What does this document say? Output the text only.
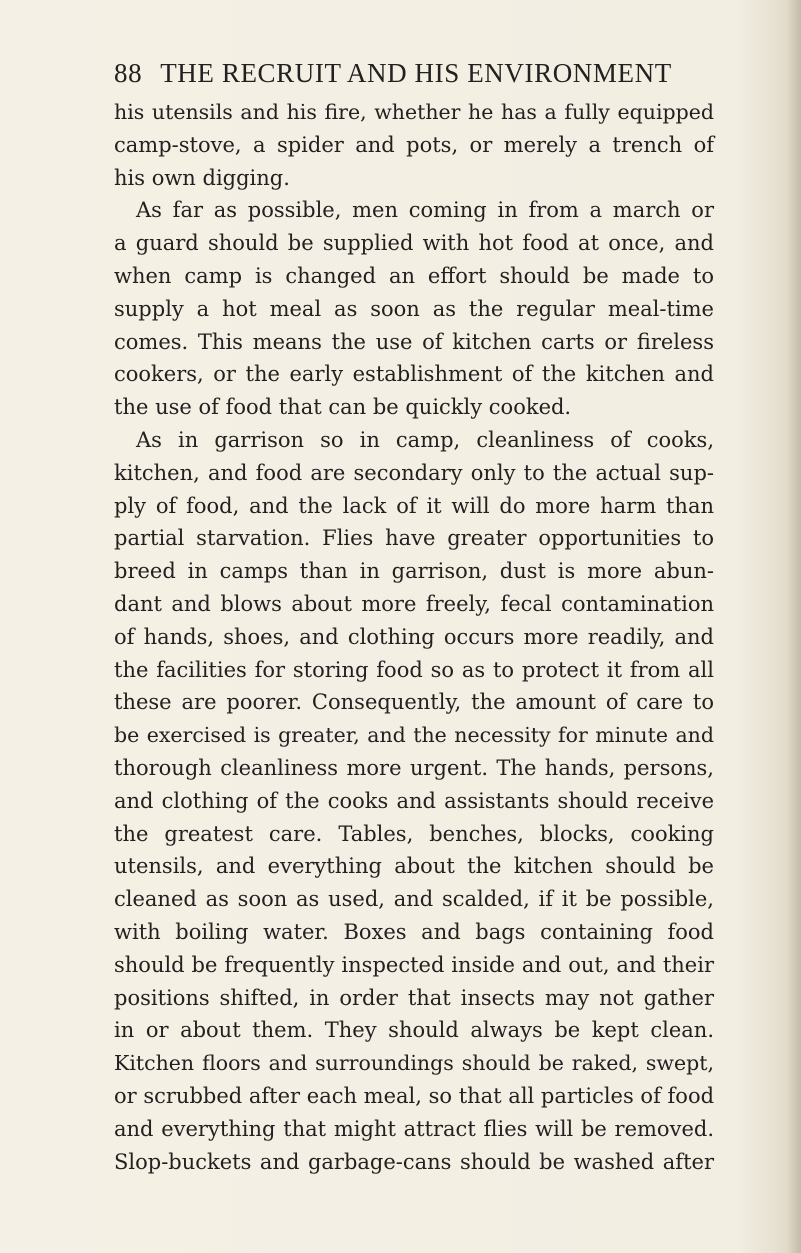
88 THE RECRUIT AND HIS ENVIRONMENT
his utensils and his fire, whether he has a fully equipped
camp-stove, a spider and pots, or merely a trench of
his own digging.
As far as possible, men coming in from a march or
a guard should be supplied with hot food at once, and
when camp is changed an effort should be made to
supply a hot meal as soon as the regular meal-time
comes. This means the use of kitchen carts or fireless
cookers, or the early establishment of the kitchen and
the use of food that can be quickly cooked.
As in garrison so in camp, cleanliness of cooks,
kitchen, and food are secondary only to the actual sup-
ply of food, and the lack of it will do more harm than
partial starvation. Flies have greater opportunities to
breed in camps than in garrison, dust is more abun-
dant and blows about more freely, fecal contamination
of hands, shoes, and clothing occurs more readily, and
the facilities for storing food so as to protect it from all
these are poorer. Consequently, the amount of care to
be exercised is greater, and the necessity for minute and
thorough cleanliness more urgent. The hands, persons,
and clothing of the cooks and assistants should receive
the greatest care. Tables, benches, blocks, cooking
utensils, and everything about the kitchen should be
cleaned as soon as used, and scalded, if it be possible,
with boiling water. Boxes and bags containing food
should be frequently inspected inside and out, and their
positions shifted, in order that insects may not gather
in or about them. They should always be kept clean.
Kitchen floors and surroundings should be raked, swept,
or scrubbed after each meal, so that all particles of food
and everything that might attract flies will be removed.
Slop-buckets and garbage-cans should be washed after
